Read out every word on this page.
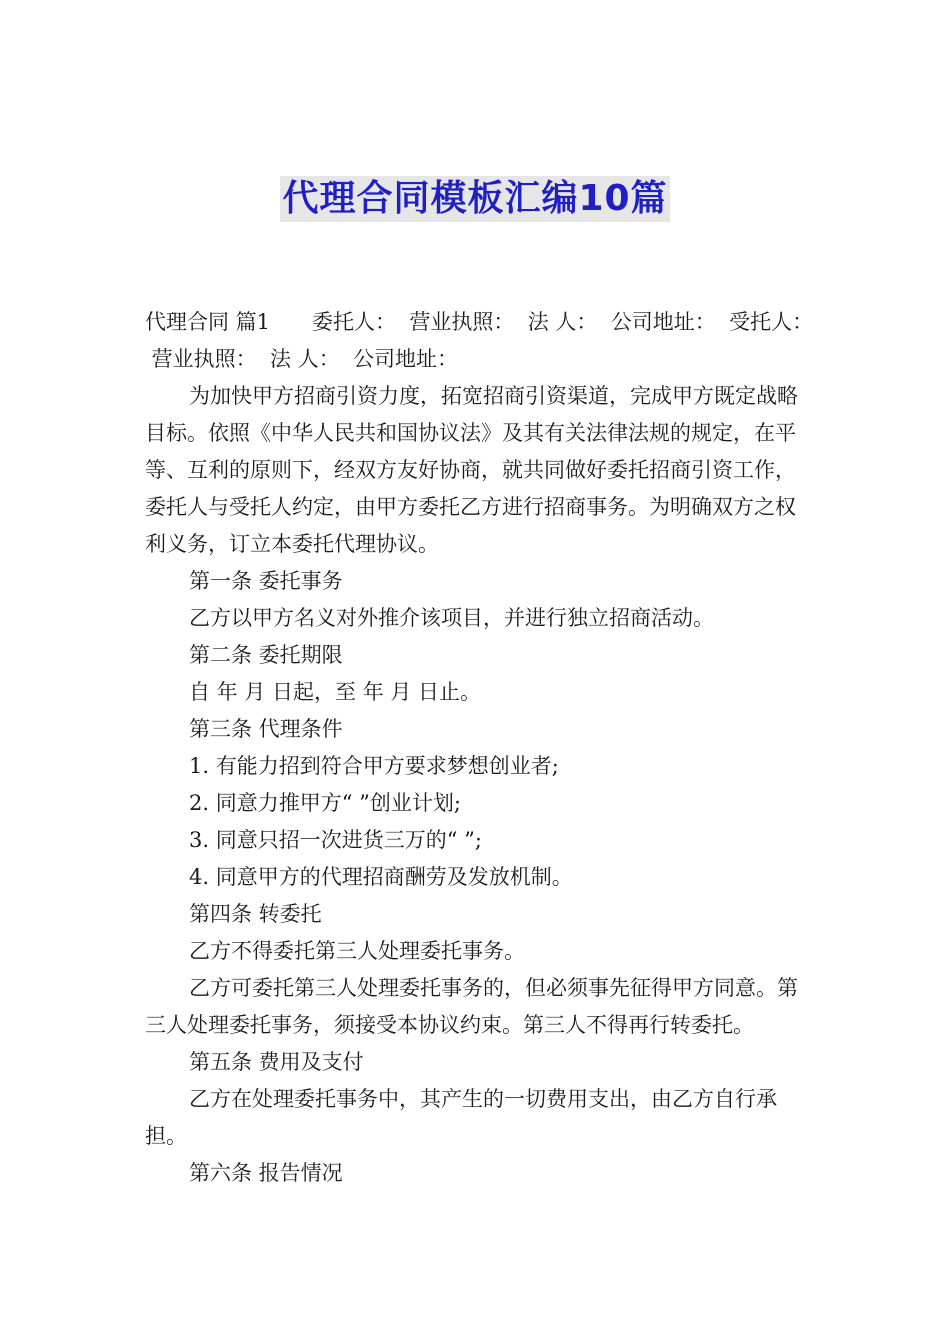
代理合同模板汇编10篇

代理合同 篇1　　委托人：  营业执照：  法 人：  公司地址：  受托人：

营业执照：  法 人：  公司地址：

为加快甲方招商引资力度，拓宽招商引资渠道，完成甲方既定战略目标。依照《中华人民共和国协议法》及其有关法律法规的规定，在平等、互利的原则下，经双方友好协商，就共同做好委托招商引资工作，委托人与受托人约定，由甲方委托乙方进行招商事务。为明确双方之权利义务，订立本委托代理协议。

第一条 委托事务

乙方以甲方名义对外推介该项目，并进行独立招商活动。

第二条 委托期限

自 年 月 日起，至 年 月 日止。

第三条 代理条件

1. 有能力招到符合甲方要求梦想创业者;

2. 同意力推甲方“ ”创业计划;

3. 同意只招一次进货三万的“ ”;

4. 同意甲方的代理招商酬劳及发放机制。

第四条 转委托

乙方不得委托第三人处理委托事务。

乙方可委托第三人处理委托事务的，但必须事先征得甲方同意。第三人处理委托事务，须接受本协议约束。第三人不得再行转委托。

第五条 费用及支付

乙方在处理委托事务中，其产生的一切费用支出，由乙方自行承担。

第六条 报告情况
